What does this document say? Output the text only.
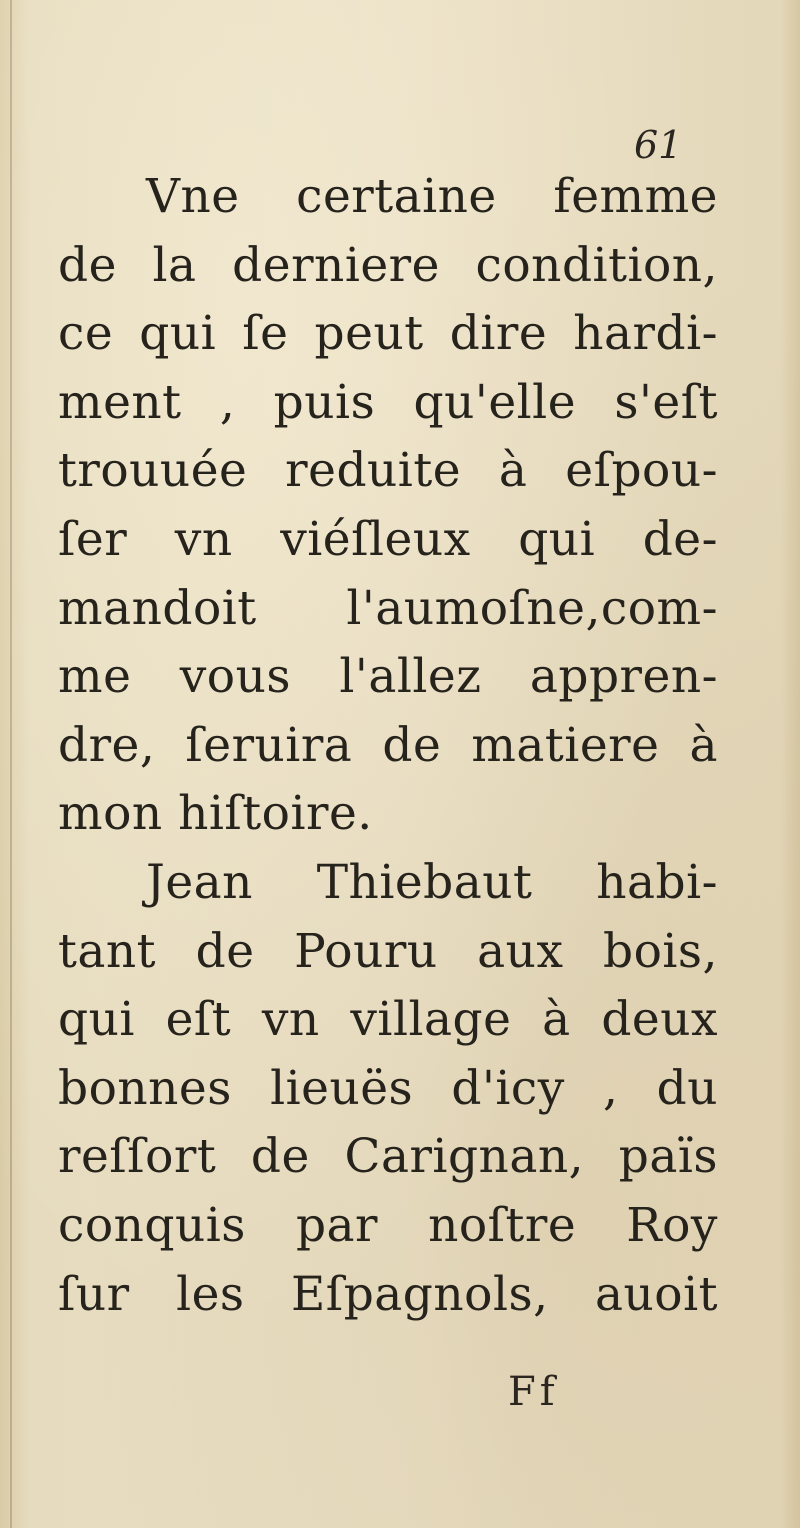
61
Vne certaine femme
de la derniere condition,
ce qui ſe peut dire hardi-
ment , puis qu'elle s'eſt
trouuée reduite à eſpou-
ſer vn viéſleux qui de-
mandoit l'aumoſne,com-
me vous l'allez appren-
dre, ſeruira de matiere à
mon hiſtoire.
Jean Thiebaut habi-
tant de Pouru aux bois,
qui eſt vn village à deux
bonnes lieuës d'icy , du
reſſort de Carignan, païs
conquis par noſtre Roy
ſur les Eſpagnols, auoit
Ff
